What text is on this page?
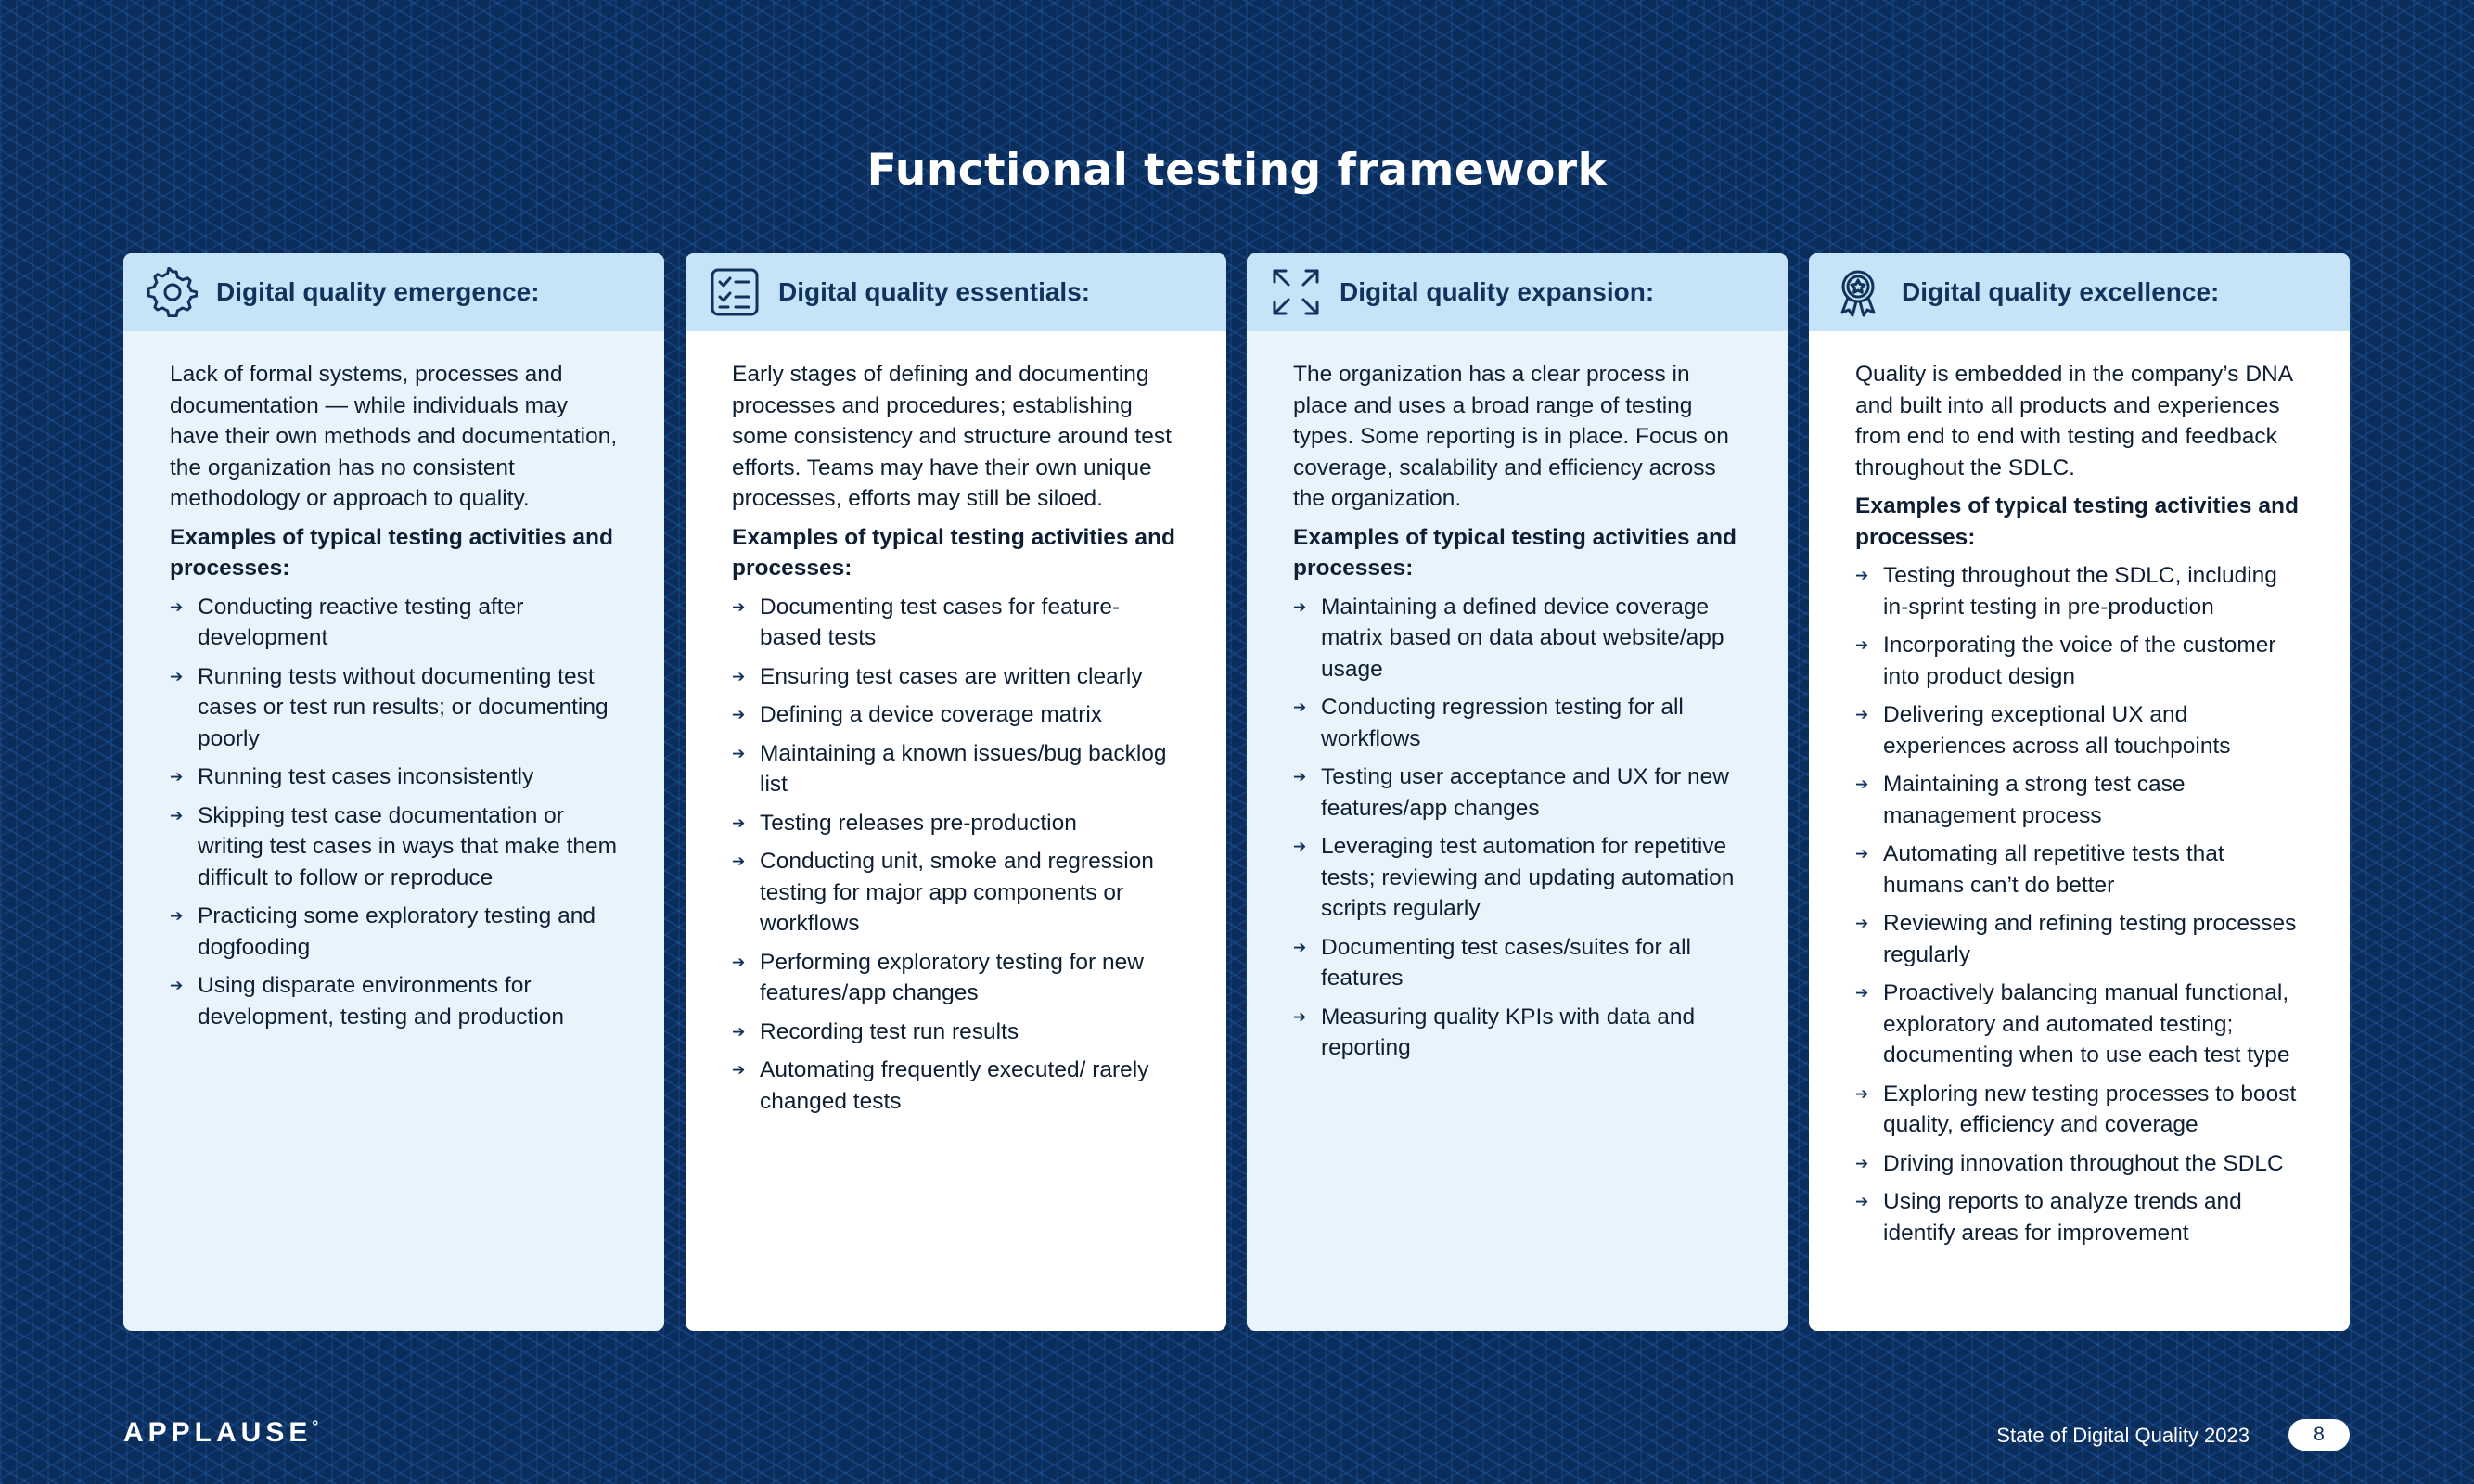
Functional testing framework
Digital quality emergence:

Lack of formal systems, processes and documentation — while individuals may have their own methods and documentation, the organization has no consistent methodology or approach to quality.

Examples of typical testing activities and processes:

➔ Conducting reactive testing after development
➔ Running tests without documenting test cases or test run results; or documenting poorly
➔ Running test cases inconsistently
➔ Skipping test case documentation or writing test cases in ways that make them difficult to follow or reproduce
➔ Practicing some exploratory testing and dogfooding
➔ Using disparate environments for development, testing and production
Digital quality essentials:

Early stages of defining and documenting processes and procedures; establishing some consistency and structure around test efforts. Teams may have their own unique processes, efforts may still be siloed.

Examples of typical testing activities and processes:

➔ Documenting test cases for feature-based tests
➔ Ensuring test cases are written clearly
➔ Defining a device coverage matrix
➔ Maintaining a known issues/bug backlog list
➔ Testing releases pre-production
➔ Conducting unit, smoke and regression testing for major app components or workflows
➔ Performing exploratory testing for new features/app changes
➔ Recording test run results
➔ Automating frequently executed/ rarely changed tests
Digital quality expansion:

The organization has a clear process in place and uses a broad range of testing types. Some reporting is in place. Focus on coverage, scalability and efficiency across the organization.

Examples of typical testing activities and processes:

➔ Maintaining a defined device coverage matrix based on data about website/app usage
➔ Conducting regression testing for all workflows
➔ Testing user acceptance and UX for new features/app changes
➔ Leveraging test automation for repetitive tests; reviewing and updating automation scripts regularly
➔ Documenting test cases/suites for all features
➔ Measuring quality KPIs with data and reporting
Digital quality excellence:

Quality is embedded in the company’s DNA and built into all products and experiences from end to end with testing and feedback throughout the SDLC.

Examples of typical testing activities and processes:

➔ Testing throughout the SDLC, including in-sprint testing in pre-production
➔ Incorporating the voice of the customer into product design
➔ Delivering exceptional UX and experiences across all touchpoints
➔ Maintaining a strong test case management process
➔ Automating all repetitive tests that humans can’t do better
➔ Reviewing and refining testing processes regularly
➔ Proactively balancing manual functional, exploratory and automated testing; documenting when to use each test type
➔ Exploring new testing processes to boost quality, efficiency and coverage
➔ Driving innovation throughout the SDLC
➔ Using reports to analyze trends and identify areas for improvement
APPLAUSE°	State of Digital Quality 2023	8
